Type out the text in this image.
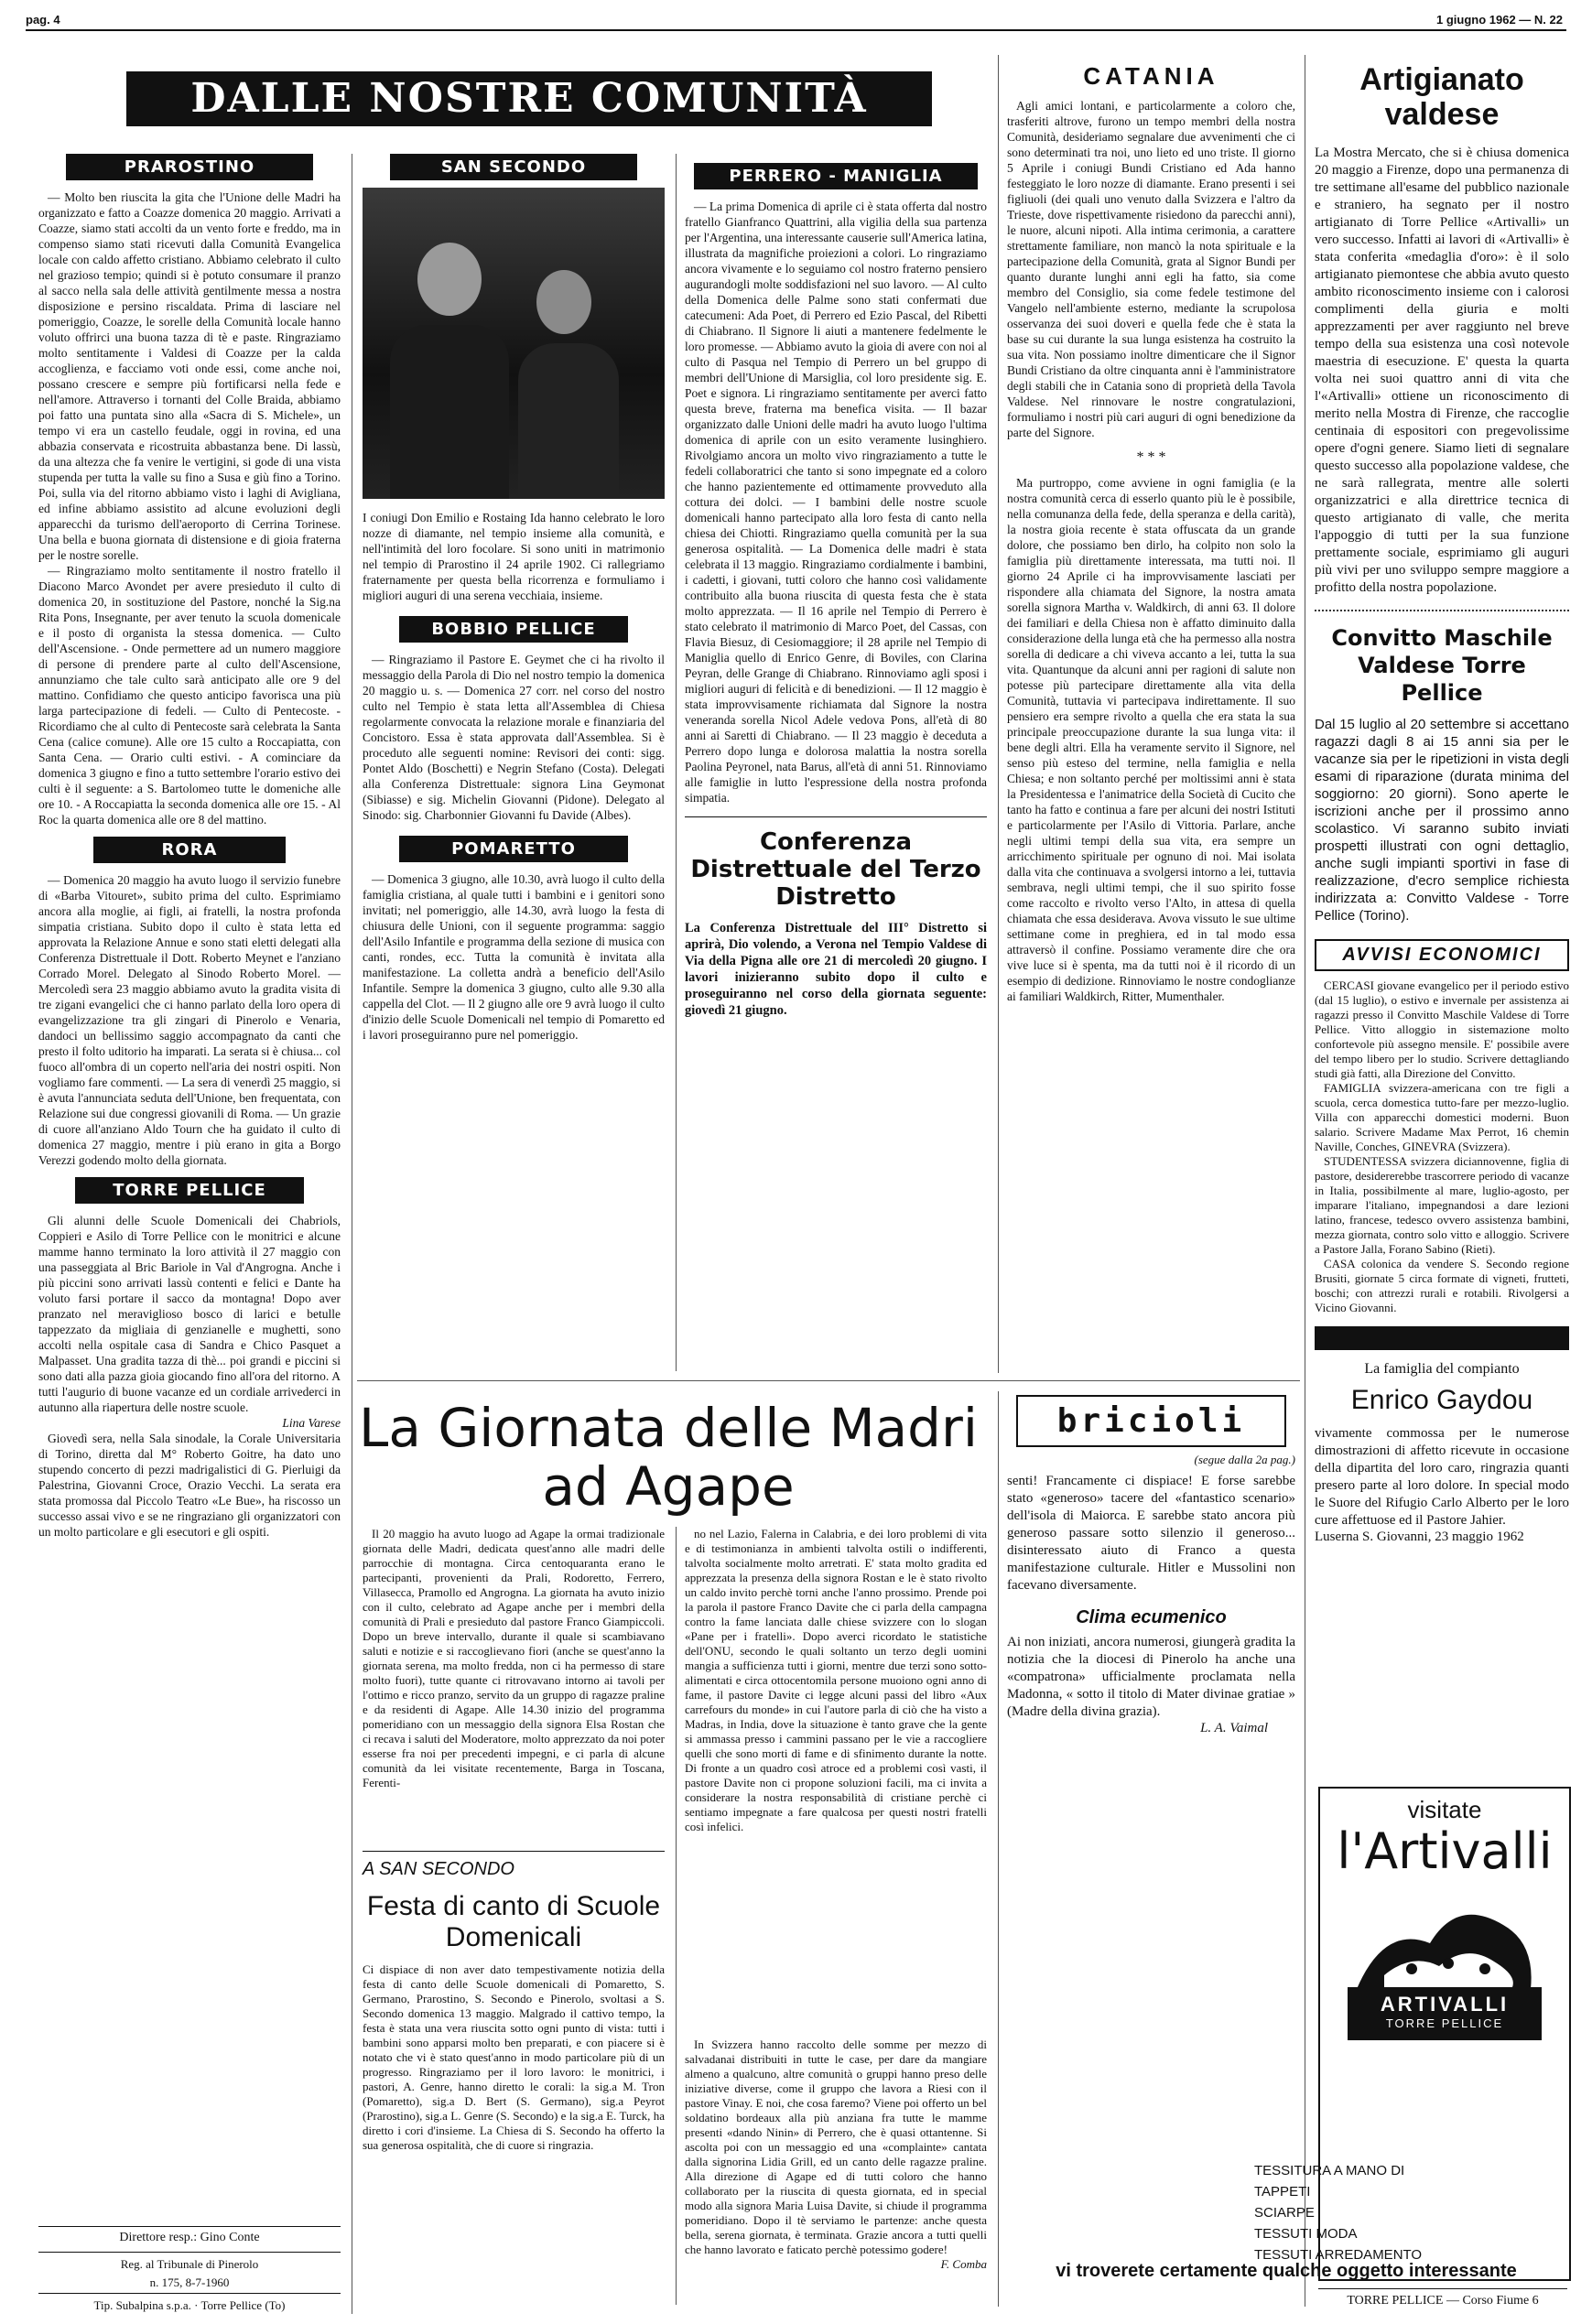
pag. 4	1 giugno 1962 — N. 22
DALLE NOSTRE COMUNITÀ
PRAROSTINO

— Molto ben riuscita la gita che l'Unione delle Madri ha organizzato e fatto a Coazze domenica 20 maggio. Arrivati a Coazze, siamo stati accolti da un vento forte e freddo, ma in compenso siamo stati ricevuti dalla Comunità Evangelica locale con caldo affetto cristiano. Abbiamo celebrato il culto nel grazioso tempio; quindi si è potuto consumare il pranzo al sacco nella sala delle attività gentilmente messa a nostra disposizione e persino riscaldata. Prima di lasciare nel pomeriggio, Coazze, le sorelle della Comunità locale hanno voluto offrirci una buona tazza di tè e paste. Ringraziamo molto sentitamente i Valdesi di Coazze per la calda accoglienza, e facciamo voti onde essi, come anche noi, possano crescere e sempre più fortificarsi nella fede e nell'amore. Attraverso i tornanti del Colle Braida, abbiamo poi fatto una puntata sino alla «Sacra di S. Michele», un tempo vi era un castello feudale, oggi in rovina, ed una abbazia conservata e ricostruita abbastanza bene. Di lassù, da una altezza che fa venire le vertigini, si gode di una vista stupenda per tutta la valle su fino a Susa e giù fino a Torino. Poi, sulla via del ritorno abbiamo visto i laghi di Avigliana, ed infine abbiamo assistito ad alcune evoluzioni degli apparecchi da turismo dell'aeroporto di Cerrina Torinese. Una bella e buona giornata di distensione e di gioia fraterna per le nostre sorelle.

— Ringraziamo molto sentitamente il nostro fratello il Diacono Marco Avondet per avere presieduto il culto di domenica 20, in sostituzione del Pastore, nonché la Sig.na Rita Pons, Insegnante, per aver tenuto la scuola domenicale e il posto di organista la stessa domenica. — Culto dell'Ascensione. - Onde permettere ad un numero maggiore di persone di prendere parte al culto dell'Ascensione, annunziamo che tale culto sarà anticipato alle ore 9 del mattino. Confidiamo che questo anticipo favorisca una più larga partecipazione di fedeli. — Culto di Pentecoste. - Ricordiamo che al culto di Pentecoste sarà celebrata la Santa Cena (calice comune). Alle ore 15 culto a Roccapiatta, con Santa Cena. — Orario culti estivi. - A cominciare da domenica 3 giugno e fino a tutto settembre l'orario estivo dei culti è il seguente: a S. Bartolomeo tutte le domeniche alle ore 10. - A Roccapiatta la seconda domenica alle ore 15. - Al Roc la quarta domenica alle ore 8 del mattino.

RORA

— Domenica 20 maggio ha avuto luogo il servizio funebre di «Barba Vitouret», subito prima del culto. Esprimiamo ancora alla moglie, ai figli, ai fratelli, la nostra profonda simpatia cristiana. Subito dopo il culto è stata letta ed approvata la Relazione Annue e sono stati eletti delegati alla Conferenza Distrettuale il Dott. Roberto Meynet e l'anziano Corrado Morel. Delegato al Sinodo Roberto Morel. — Mercoledì sera 23 maggio abbiamo avuto la gradita visita di tre zigani evangelici che ci hanno parlato della loro opera di evangelizzazione tra gli zingari di Pinerolo e Venaria, dandoci un bellissimo saggio accompagnato da canti che presto il folto uditorio ha imparati. La serata si è chiusa... col fuoco all'ombra di un coperto nell'aria dei nostri ospiti. Non vogliamo fare commenti. — La sera di venerdì 25 maggio, si è avuta l'annunciata seduta dell'Unione, ben frequentata, con Relazione sui due congressi giovanili di Roma. — Un grazie di cuore all'anziano Aldo Tourn che ha guidato il culto di domenica 27 maggio, mentre i più erano in gita a Borgo Verezzi godendo molto della giornata.

TORRE PELLICE

Gli alunni delle Scuole Domenicali dei Chabriols, Coppieri e Asilo di Torre Pellice con le monitrici e alcune mamme hanno terminato la loro attività il 27 maggio con una passeggiata al Bric Bariole in Val d'Angrogna. Anche i più piccini sono arrivati lassù contenti e felici e Dante ha voluto farsi portare il sacco da montagna! Dopo aver pranzato nel meraviglioso bosco di larici e betulle tappezzato da migliaia di genzianelle e mughetti, sono accolti nella ospitale casa di Sandra e Chico Pasquet a Malpasset. Una gradita tazza di thè... poi grandi e piccini si sono dati alla pazza gioia giocando fino all'ora del ritorno. A tutti l'augurio di buone vacanze ed un cordiale arrivederci in autunno alla riapertura delle nostre scuole.

Lina Varese

Giovedì sera, nella Sala sinodale, la Corale Universitaria di Torino, diretta dal M° Roberto Goitre, ha dato uno stupendo concerto di pezzi madrigalistici di G. Pierluigi da Palestrina, Giovanni Croce, Orazio Vecchi. La serata era stata promossa dal Piccolo Teatro «Le Bue», ha riscosso un successo assai vivo e se ne ringraziano gli organizzatori con un molto particolare e gli esecutori e gli ospiti.

Direttore resp.: Gino Conte
Reg. al Tribunale di Pinerolo
n. 175, 8-7-1960
Tip. Subalpina s.p.a. · Torre Pellice (To)
SAN SECONDO
I coniugi Don Emilio e Rostaing Ida hanno celebrato le loro nozze di diamante, nel tempio insieme alla comunità, e nell'intimità del loro focolare. Si sono uniti in matrimonio nel tempio di Prarostino il 24 aprile 1902. Ci rallegriamo fraternamente per questa bella ricorrenza e formuliamo i migliori auguri di una serena vecchiaia, insieme.
BOBBIO PELLICE

— Ringraziamo il Pastore E. Geymet che ci ha rivolto il messaggio della Parola di Dio nel nostro tempio la domenica 20 maggio u. s. — Domenica 27 corr. nel corso del nostro culto nel Tempio è stata letta all'Assemblea di Chiesa regolarmente convocata la relazione morale e finanziaria del Concistoro. Essa è stata approvata dall'Assemblea. Si è proceduto alle seguenti nomine: Revisori dei conti: sigg. Pontet Aldo (Boschetti) e Negrin Stefano (Costa). Delegati alla Conferenza Distrettuale: signora Lina Geymonat (Sibiasse) e sig. Michelin Giovanni (Pidone). Delegato al Sinodo: sig. Charbonnier Giovanni fu Davide (Albes).

POMARETTO

— Domenica 3 giugno, alle 10.30, avrà luogo il culto della famiglia cristiana, al quale tutti i bambini e i genitori sono invitati; nel pomeriggio, alle 14.30, avrà luogo la festa di chiusura delle Unioni, con il seguente programma: saggio dell'Asilo Infantile e programma della sezione di musica con canti, rondes, ecc. Tutta la comunità è invitata alla manifestazione. La colletta andrà a beneficio dell'Asilo Infantile. Sempre la domenica 3 giugno, culto alle 9.30 alla cappella del Clot. — Il 2 giugno alle ore 9 avrà luogo il culto d'inizio delle Scuole Domenicali nel tempio di Pomaretto ed i lavori proseguiranno pure nel pomeriggio.

PERRERO - MANIGLIA

— La prima Domenica di aprile ci è stata offerta dal nostro fratello Gianfranco Quattrini, alla vigilia della sua partenza per l'Argentina, una interessante causerie sull'America latina, illustrata da magnifiche proiezioni a colori. Lo ringraziamo ancora vivamente e lo seguiamo col nostro fraterno pensiero augurandogli molte soddisfazioni nel suo lavoro. — Al culto della Domenica delle Palme sono stati confermati due catecumeni: Ada Poet, di Perrero ed Ezio Pascal, del Ribetti di Chiabrano. Il Signore li aiuti a mantenere fedelmente le loro promesse. — Abbiamo avuto la gioia di avere con noi al culto di Pasqua nel Tempio di Perrero un bel gruppo di membri dell'Unione di Marsiglia, col loro presidente sig. E. Poet e signora. Li ringraziamo sentitamente per averci fatto questa breve, fraterna ma benefica visita. — Il bazar organizzato dalle Unioni delle madri ha avuto luogo l'ultima domenica di aprile con un esito veramente lusinghiero. Rivolgiamo ancora un molto vivo ringraziamento a tutte le fedeli collaboratrici che tanto si sono impegnate ed a coloro che hanno pazientemente ed ottimamente provveduto alla cottura dei dolci. — I bambini delle nostre scuole domenicali hanno partecipato alla loro festa di canto nella chiesa dei Chiotti. Ringraziamo quella comunità per la sua generosa ospitalità. — La Domenica delle madri è stata celebrata il 13 maggio. Ringraziamo cordialmente i bambini, i cadetti, i giovani, tutti coloro che hanno così validamente contribuito alla buona riuscita di questa festa che è stata molto apprezzata. — Il 16 aprile nel Tempio di Perrero è stato celebrato il matrimonio di Marco Poet, del Cassas, con Flavia Biesuz, di Cesiomaggiore; il 28 aprile nel Tempio di Maniglia quello di Enrico Genre, di Boviles, con Clarina Peyran, delle Grange di Chiabrano. Rinnoviamo agli sposi i migliori auguri di felicità e di benedizioni. — Il 12 maggio è stata improvvisamente richiamata dal Signore la nostra veneranda sorella Nicol Adele vedova Pons, all'età di 80 anni ai Saretti di Chiabrano. — Il 23 maggio è deceduta a Perrero dopo lunga e dolorosa malattia la nostra sorella Paolina Peyronel, nata Barus, all'età di anni 51. Rinnoviamo alle famiglie in lutto l'espressione della nostra profonda simpatia.

Conferenza Distrettuale del Terzo Distretto
La Conferenza Distrettuale del III° Distretto si aprirà, Dio volendo, a Verona nel Tempio Valdese di Via della Pigna alle ore 21 di mercoledì 20 giugno. I lavori inizieranno subito dopo il culto e proseguiranno nel corso della giornata seguente: giovedì 21 giugno.
CATANIA

Agli amici lontani, e particolarmente a coloro che, trasferiti altrove, furono un tempo membri della nostra Comunità, desideriamo segnalare due avvenimenti che ci sono determinati tra noi, uno lieto ed uno triste. Il giorno 5 Aprile i coniugi Bundi Cristiano ed Ada hanno festeggiato le loro nozze di diamante. Erano presenti i sei figliuoli (dei quali uno venuto dalla Svizzera e l'altro da Trieste, dove rispettivamente risiedono da parecchi anni), le nuore, alcuni nipoti. Alla intima cerimonia, a carattere strettamente familiare, non mancò la nota spirituale e la partecipazione della Comunità, grata al Signor Bundi per quanto durante lunghi anni egli ha fatto, sia come membro del Consiglio, sia come fedele testimone del Vangelo nell'ambiente esterno, mediante la scrupolosa osservanza dei suoi doveri e quella fede che è stata la base su cui durante la sua lunga esistenza ha costruito la sua vita. Non possiamo inoltre dimenticare che il Signor Bundi Cristiano da oltre cinquanta anni è l'amministratore degli stabili che in Catania sono di proprietà della Tavola Valdese. Nel rinnovare le nostre congratulazioni, formuliamo i nostri più cari auguri di ogni benedizione da parte del Signore.

* * *

Ma purtroppo, come avviene in ogni famiglia (e la nostra comunità cerca di esserlo quanto più le è possibile, nella comunanza della fede, della speranza e della carità), la nostra gioia recente è stata offuscata da un grande dolore, che possiamo ben dirlo, ha colpito non solo la famiglia più direttamente interessata, ma tutti noi. Il giorno 24 Aprile ci ha improvvisamente lasciati per rispondere alla chiamata del Signore, la nostra amata sorella signora Martha v. Waldkirch, di anni 63. Il dolore dei familiari e della Chiesa non è affatto diminuito dalla considerazione della lunga età che ha permesso alla nostra sorella di dedicare a chi viveva accanto a lei, tutta la sua vita. Quantunque da alcuni anni per ragioni di salute non potesse più partecipare direttamente alla vita della Comunità, tuttavia vi partecipava indirettamente. Il suo pensiero era sempre rivolto a quella che era stata la sua principale preoccupazione durante la sua lunga vita: il bene degli altri. Ella ha veramente servito il Signore, nel senso più esteso del termine, nella famiglia e nella Chiesa; e non soltanto perché per moltissimi anni è stata la Presidentessa e l'animatrice della Società di Cucito che tanto ha fatto e continua a fare per alcuni dei nostri Istituti e particolarmente per l'Asilo di Vittoria. Parlare, anche negli ultimi tempi della sua vita, era sempre un arricchimento spirituale per ognuno di noi. Mai isolata dalla vita che continuava a svolgersi intorno a lei, tuttavia sembrava, negli ultimi tempi, che il suo spirito fosse come raccolto e rivolto verso l'Alto, in attesa di quella chiamata che essa desiderava. Avova vissuto le sue ultime settimane come in preghiera, ed in tal modo essa attraversò il confine. Possiamo veramente dire che ora vive luce si è spenta, ma da tutti noi è il ricordo di un esempio di dedizione. Rinnoviamo le nostre condoglianze ai familiari Waldkirch, Ritter, Mumenthaler.

Artigianato valdese
La Mostra Mercato, che si è chiusa domenica 20 maggio a Firenze, dopo una permanenza di tre settimane all'esame del pubblico nazionale e straniero, ha segnato per il nostro artigianato di Torre Pellice «Artivalli» un vero successo. Infatti ai lavori di «Artivalli» è stata conferita «medaglia d'oro»: è il solo artigianato piemontese che abbia avuto questo ambito riconoscimento insieme con i calorosi complimenti della giuria e molti apprezzamenti per aver raggiunto nel breve tempo della sua esistenza una così notevole maestria di esecuzione. E' questa la quarta volta nei suoi quattro anni di vita che l'«Artivalli» ottiene un riconoscimento di merito nella Mostra di Firenze, che raccoglie centinaia di espositori con pregevolissime opere d'ogni genere. Siamo lieti di segnalare questo successo alla popolazione valdese, che ne sarà rallegrata, mentre alle solerti organizzatrici e alla direttrice tecnica di questo artigianato di valle, che merita l'appoggio di tutti per la sua funzione prettamente sociale, esprimiamo gli auguri più vivi per uno sviluppo sempre maggiore a profitto della nostra popolazione.
Convitto Maschile Valdese Torre Pellice
Dal 15 luglio al 20 settembre si accettano ragazzi dagli 8 ai 15 anni sia per le vacanze sia per le ripetizioni in vista degli esami di riparazione (durata minima del soggiorno: 20 giorni). Sono aperte le iscrizioni anche per il prossimo anno scolastico. Vi saranno subito inviati prospetti illustrati con ogni dettaglio, anche sugli impianti sportivi in fase di realizzazione, d'ecro semplice richiesta indirizzata a: Convitto Valdese - Torre Pellice (Torino).
AVVISI ECONOMICI

CERCASI giovane evangelico per il periodo estivo (dal 15 luglio), o estivo e invernale per assistenza ai ragazzi presso il Convitto Maschile Valdese di Torre Pellice. Vitto alloggio in sistemazione molto confortevole più assegno mensile. E' possibile avere del tempo libero per lo studio. Scrivere dettagliando studi già fatti, alla Direzione del Convitto.

FAMIGLIA svizzera-americana con tre figli a scuola, cerca domestica tutto-fare per mezzo-luglio. Villa con apparecchi domestici moderni. Buon salario. Scrivere Madame Max Perrot, 16 chemin Naville, Conches, GINEVRA (Svizzera).

STUDENTESSA svizzera diciannovenne, figlia di pastore, desidererebbe trascorrere periodo di vacanze in Italia, possibilmente al mare, luglio-agosto, per imparare l'italiano, impegnandosi a dare lezioni latino, francese, tedesco ovvero assistenza bambini, mezza giornata, contro solo vitto e alloggio. Scrivere a Pastore Jalla, Forano Sabino (Rieti).

CASA colonica da vendere S. Secondo regione Brusiti, giornate 5 circa formate di vigneti, frutteti, boschi; con attrezzi rurali e rotabili. Rivolgersi a Vicino Giovanni.

La famiglia del compianto
Enrico Gaydou
vivamente commossa per le numerose dimostrazioni di affetto ricevute in occasione della dipartita del loro caro, ringrazia quanti presero parte al loro dolore. In special modo le Suore del Rifugio Carlo Alberto per le loro cure affettuose ed il Pastore Jahier.
Luserna S. Giovanni, 23 maggio 1962
La Giornata delle Madri ad Agape

Il 20 maggio ha avuto luogo ad Agape la ormai tradizionale giornata delle Madri, dedicata quest'anno alle madri delle parrocchie di montagna. Circa centoquaranta erano le partecipanti, provenienti da Prali, Rodoretto, Ferrero, Villasecca, Pramollo ed Angrogna. La giornata ha avuto inizio con il culto, celebrato ad Agape anche per i membri della comunità di Prali e presieduto dal pastore Franco Giampiccoli. Dopo un breve intervallo, durante il quale si scambiavano saluti e notizie e si raccoglievano fiori (anche se quest'anno la giornata serena, ma molto fredda, non ci ha permesso di stare molto fuori), tutte quante ci ritrovavano intorno ai tavoli per l'ottimo e ricco pranzo, servito da un gruppo di ragazze praline e da residenti di Agape. Alle 14.30 inizio del programma pomeridiano con un messaggio della signora Elsa Rostan che ci recava i saluti del Moderatore, molto apprezzato da noi poter esserse fra noi per precedenti impegni, e ci parla di alcune comunità da lei visitate recentemente, Barga in Toscana, Ferenti-

no nel Lazio, Falerna in Calabria, e dei loro problemi di vita e di testimonianza in ambienti talvolta ostili o indifferenti, talvolta socialmente molto arretrati. E' stata molto gradita ed apprezzata la presenza della signora Rostan e le è stato rivolto un caldo invito perchè torni anche l'anno prossimo. Prende poi la parola il pastore Franco Davite che ci parla della campagna contro la fame lanciata dalle chiese svizzere con lo slogan «Pane per i fratelli». Dopo averci ricordato le statistiche dell'ONU, secondo le quali soltanto un terzo degli uomini mangia a sufficienza tutti i giorni, mentre due terzi sono sotto-alimentati e circa ottocentomila persone muoiono ogni anno di fame, il pastore Davite ci legge alcuni passi del libro «Aux carrefours du monde» in cui l'autore parla di ciò che ha visto a Madras, in India, dove la situazione è tanto grave che la gente si ammassa presso i cammini passano per le vie a raccogliere quelli che sono morti di fame e di sfinimento durante la notte. Di fronte a un quadro così atroce ed a problemi così vasti, il pastore Davite non ci propone soluzioni facili, ma ci invita a considerare la nostra responsabilità di cristiane perchè ci sentiamo impegnate a fare qualcosa per questi nostri fratelli così infelici.

A SAN SECONDO
Festa di canto di Scuole Domenicali
Ci dispiace di non aver dato tempestivamente notizia della festa di canto delle Scuole domenicali di Pomaretto, S. Germano, Prarostino, S. Secondo e Pinerolo, svoltasi a S. Secondo domenica 13 maggio. Malgrado il cattivo tempo, la festa è stata una vera riuscita sotto ogni punto di vista: tutti i bambini sono apparsi molto ben preparati, e con piacere si è notato che vi è stato quest'anno in modo particolare più di un progresso. Ringraziamo per il loro lavoro: le monitrici, i pastori, A. Genre, hanno diretto le corali: la sig.a M. Tron (Pomaretto), sig.a D. Bert (S. Germano), sig.a Peyrot (Prarostino), sig.a L. Genre (S. Secondo) e la sig.a E. Turck, ha diretto i cori d'insieme. La Chiesa di S. Secondo ha offerto la sua generosa ospitalità, che di cuore si ringrazia.

In Svizzera hanno raccolto delle somme per mezzo di salvadanai distribuiti in tutte le case, per dare da mangiare almeno a qualcuno, altre comunità o gruppi hanno preso delle iniziative diverse, come il gruppo che lavora a Riesi con il pastore Vinay. E noi, che cosa faremo? Viene poi offerto un bel soldatino bordeaux alla più anziana fra tutte le mamme presenti «dando Ninin» di Perrero, che è quasi ottantenne. Si ascolta poi con un messaggio ed una «complainte» cantata dalla signorina Lidia Grill, ed un canto delle ragazze praline. Alla direzione di Agape ed di tutti coloro che hanno collaborato per la riuscita di questa giornata, ed in special modo alla signora Maria Luisa Davite, si chiude il programma pomeridiano. Dopo il tè serviamo le partenze: anche questa bella, serena giornata, è terminata. Grazie ancora a tutti quelli che hanno lavorato e faticato perchè potessimo godere!

F. Comba
bricioli
(segue dalla 2a pag.)
senti! Francamente ci dispiace! E forse sarebbe stato «generoso» tacere del «fantastico scenario» dell'isola di Maiorca. E sarebbe stato ancora più generoso passare sotto silenzio il generoso... disinteressato aiuto di Franco a questa manifestazione culturale. Hitler e Mussolini non facevano diversamente.
Clima ecumenico
Ai non iniziati, ancora numerosi, giungerà gradita la notizia che la diocesi di Pinerolo ha anche una «compatrona» ufficialmente proclamata nella Madonna, « sotto il titolo di Mater divinae gratiae » (Madre della divina grazia).
L. A. Vaimal
visitate
l'Artivalli
ARTIVALLI
TORRE PELLICE
TESSITURA A MANO DI
TAPPETI
SCIARPE
TESSUTI MODA
TESSUTI ARREDAMENTO
vi troverete certamente qualche oggetto interessante
TORRE PELLICE — Corso Fiume 6
